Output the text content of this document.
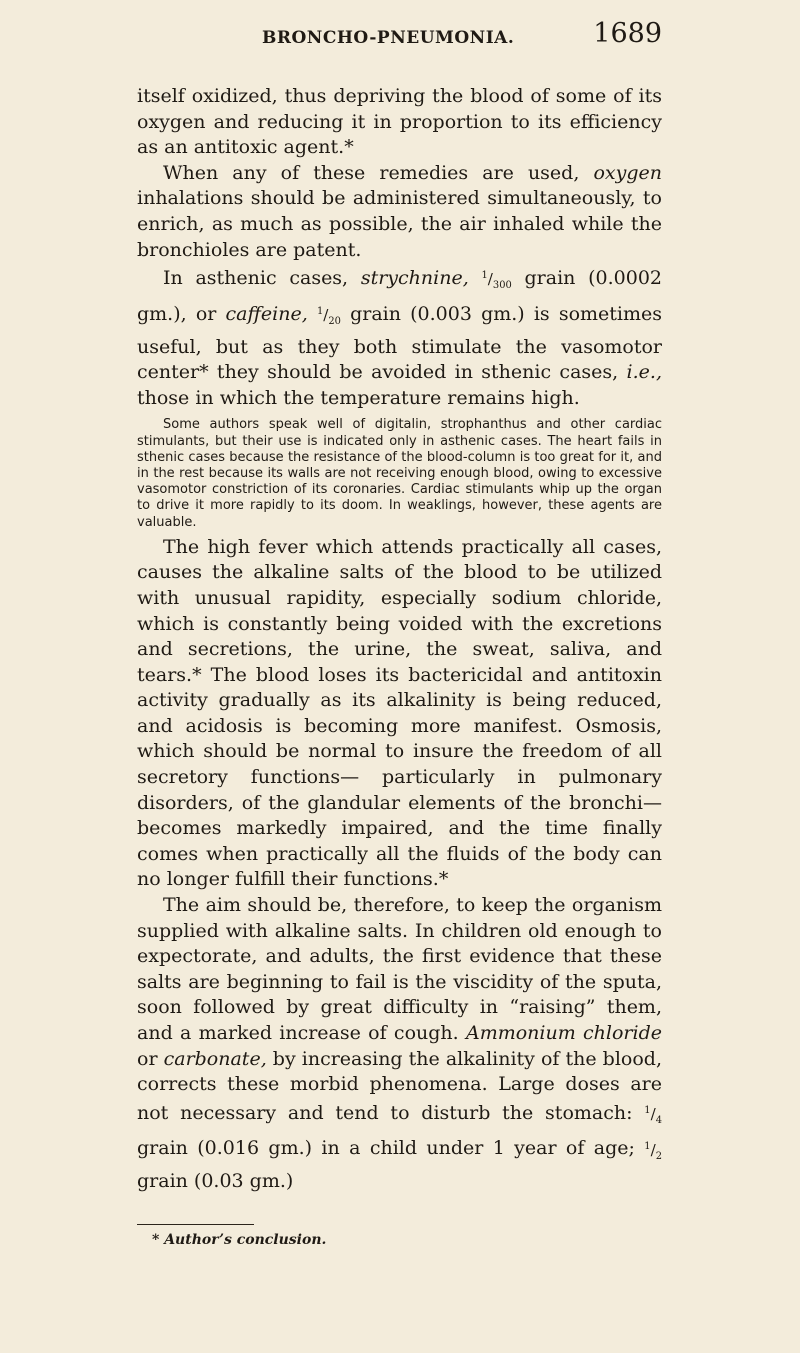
BRONCHO-PNEUMONIA.	1689

itself oxidized, thus depriving the blood of some of its oxygen and reducing it in proportion to its efficiency as an antitoxic agent.*

When any of these remedies are used, oxygen inhalations should be administered simultaneously, to enrich, as much as possible, the air inhaled while the bronchioles are patent.

In asthenic cases, strychnine, $^1/_{300}$ grain (0.0002 gm.), or caffeine, $^1/_{20}$ grain (0.003 gm.) is sometimes useful, but as they both stimulate the vasomotor center* they should be avoided in sthenic cases, i.e., those in which the temperature remains high.

Some authors speak well of digitalin, strophanthus and other cardiac stimulants, but their use is indicated only in asthenic cases. The heart fails in sthenic cases because the resistance of the blood-column is too great for it, and in the rest because its walls are not receiving enough blood, owing to excessive vasomotor constriction of its coronaries. Cardiac stimulants whip up the organ to drive it more rapidly to its doom. In weaklings, however, these agents are valuable.

The high fever which attends practically all cases, causes the alkaline salts of the blood to be utilized with unusual rapidity, especially sodium chloride, which is constantly being voided with the excretions and secretions, the urine, the sweat, saliva, and tears.* The blood loses its bactericidal and antitoxin activity gradually as its alkalinity is being reduced, and acidosis is becoming more manifest. Osmosis, which should be normal to insure the freedom of all secretory functions— particularly in pulmonary disorders, of the glandular elements of the bronchi—becomes markedly impaired, and the time finally comes when practically all the fluids of the body can no longer fulfill their functions.*

The aim should be, therefore, to keep the organism supplied with alkaline salts. In children old enough to expectorate, and adults, the first evidence that these salts are beginning to fail is the viscidity of the sputa, soon followed by great difficulty in “raising” them, and a marked increase of cough. Ammonium chloride or carbonate, by increasing the alkalinity of the blood, corrects these morbid phenomena. Large doses are not necessary and tend to disturb the stomach: $^1/_4$ grain (0.016 gm.) in a child under 1 year of age; $^1/_2$ grain (0.03 gm.)

* Author’s conclusion.
